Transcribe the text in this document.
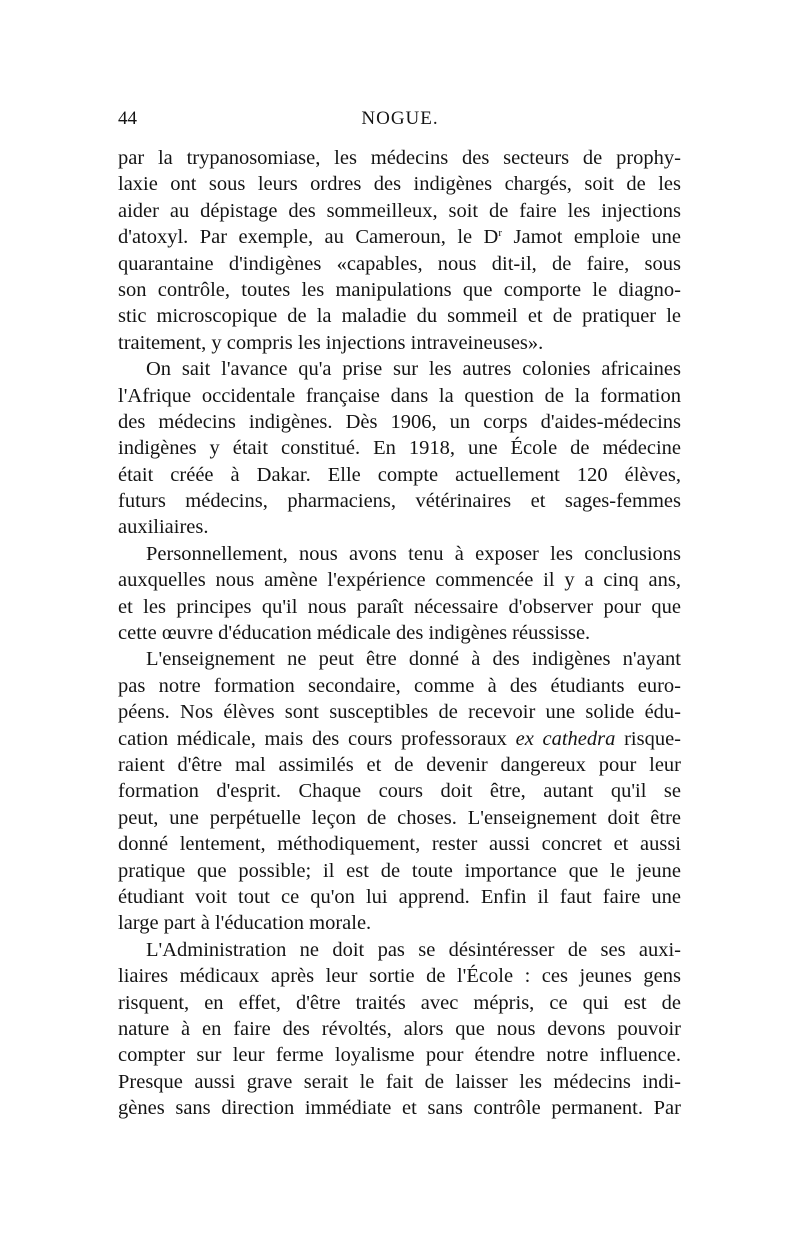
44	NOGUE.
par la trypanosomiase, les médecins des secteurs de prophy-
laxie ont sous leurs ordres des indigènes chargés, soit de les
aider au dépistage des sommeilleux, soit de faire les injections
d'atoxyl. Par exemple, au Cameroun, le $D^r$ Jamot emploie une
quarantaine d'indigènes «capables, nous dit-il, de faire, sous
son contrôle, toutes les manipulations que comporte le diagno-
stic microscopique de la maladie du sommeil et de pratiquer le
traitement, y compris les injections intraveineuses».
On sait l'avance qu'a prise sur les autres colonies africaines
l'Afrique occidentale française dans la question de la formation
des médecins indigènes. Dès 1906, un corps d'aides-médecins
indigènes y était constitué. En 1918, une École de médecine
était créée à Dakar. Elle compte actuellement 120 élèves,
futurs médecins, pharmaciens, vétérinaires et sages-femmes
auxiliaires.
Personnellement, nous avons tenu à exposer les conclusions
auxquelles nous amène l'expérience commencée il y a cinq ans,
et les principes qu'il nous paraît nécessaire d'observer pour que
cette œuvre d'éducation médicale des indigènes réussisse.
L'enseignement ne peut être donné à des indigènes n'ayant
pas notre formation secondaire, comme à des étudiants euro-
péens. Nos élèves sont susceptibles de recevoir une solide édu-
cation médicale, mais des cours professoraux ex cathedra risque-
raient d'être mal assimilés et de devenir dangereux pour leur
formation d'esprit. Chaque cours doit être, autant qu'il se
peut, une perpétuelle leçon de choses. L'enseignement doit être
donné lentement, méthodiquement, rester aussi concret et aussi
pratique que possible; il est de toute importance que le jeune
étudiant voit tout ce qu'on lui apprend. Enfin il faut faire une
large part à l'éducation morale.
L'Administration ne doit pas se désintéresser de ses auxi-
liaires médicaux après leur sortie de l'École : ces jeunes gens
risquent, en effet, d'être traités avec mépris, ce qui est de
nature à en faire des révoltés, alors que nous devons pouvoir
compter sur leur ferme loyalisme pour étendre notre influence.
Presque aussi grave serait le fait de laisser les médecins indi-
gènes sans direction immédiate et sans contrôle permanent. Par
